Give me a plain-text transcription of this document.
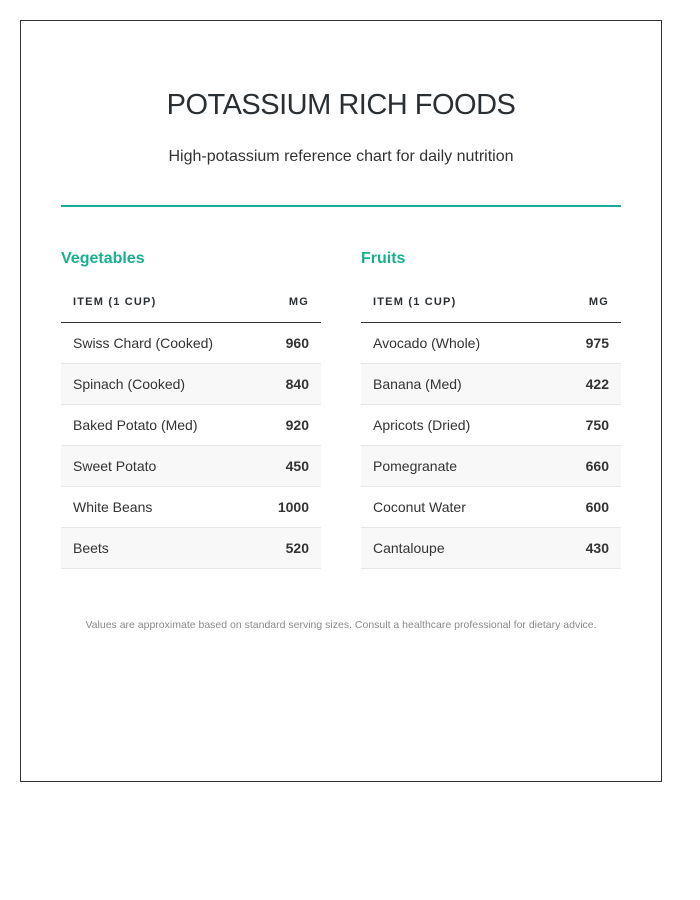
POTASSIUM RICH FOODS
High-potassium reference chart for daily nutrition
Vegetables
ITEM (1 CUP)	MG
Swiss Chard (Cooked)	960
Spinach (Cooked)	840
Baked Potato (Med)	920
Sweet Potato	450
White Beans	1000
Beets	520
Fruits
ITEM (1 CUP)	MG
Avocado (Whole)	975
Banana (Med)	422
Apricots (Dried)	750
Pomegranate	660
Coconut Water	600
Cantaloupe	430
Values are approximate based on standard serving sizes. Consult a healthcare professional for dietary advice.
